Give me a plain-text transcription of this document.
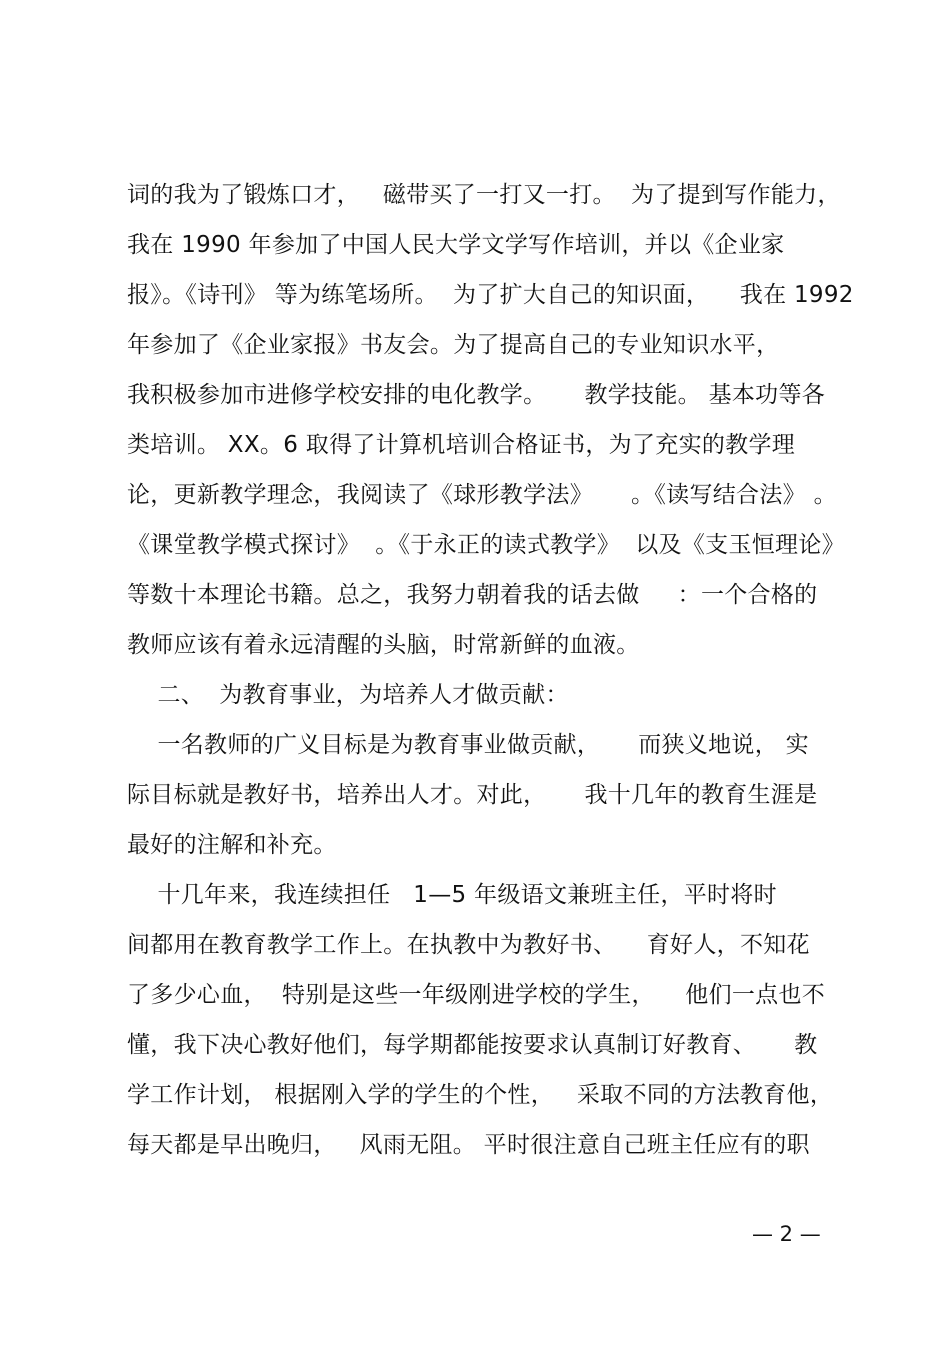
词的我为了锻炼口才，   磁带买了一打又一打。  为了提到写作能力，
我在 1990 年参加了中国人民大学文学写作培训，并以《企业家
报》。《诗刊》 等为练笔场所。  为了扩大自己的知识面，    我在 1992
年参加了《企业家报》书友会。为了提高自己的专业知识水平，
我积极参加市进修学校安排的电化教学。     教学技能。 基本功等各
类培训。 XX。6 取得了计算机培训合格证书，为了充实的教学理
论，更新教学理念，我阅读了《球形教学法》     。《读写结合法》 。
《课堂教学模式探讨》  。《于永正的读式教学》  以及《支玉恒理论》
等数十本理论书籍。总之，我努力朝着我的话去做     ：一个合格的
教师应该有着永远清醒的头脑，时常新鲜的血液。
二、  为教育事业，为培养人才做贡献：
一名教师的广义目标是为教育事业做贡献，     而狭义地说， 实
际目标就是教好书，培养出人才。对此，     我十几年的教育生涯是
最好的注解和补充。
十几年来，我连续担任   1—5 年级语文兼班主任，平时将时
间都用在教育教学工作上。在执教中为教好书、    育好人，不知花
了多少心血，  特别是这些一年级刚进学校的学生，    他们一点也不
懂，我下决心教好他们，每学期都能按要求认真制订好教育、     教
学工作计划， 根据刚入学的学生的个性，   采取不同的方法教育他，
每天都是早出晚归，   风雨无阻。 平时很注意自己班主任应有的职
— 2 —
